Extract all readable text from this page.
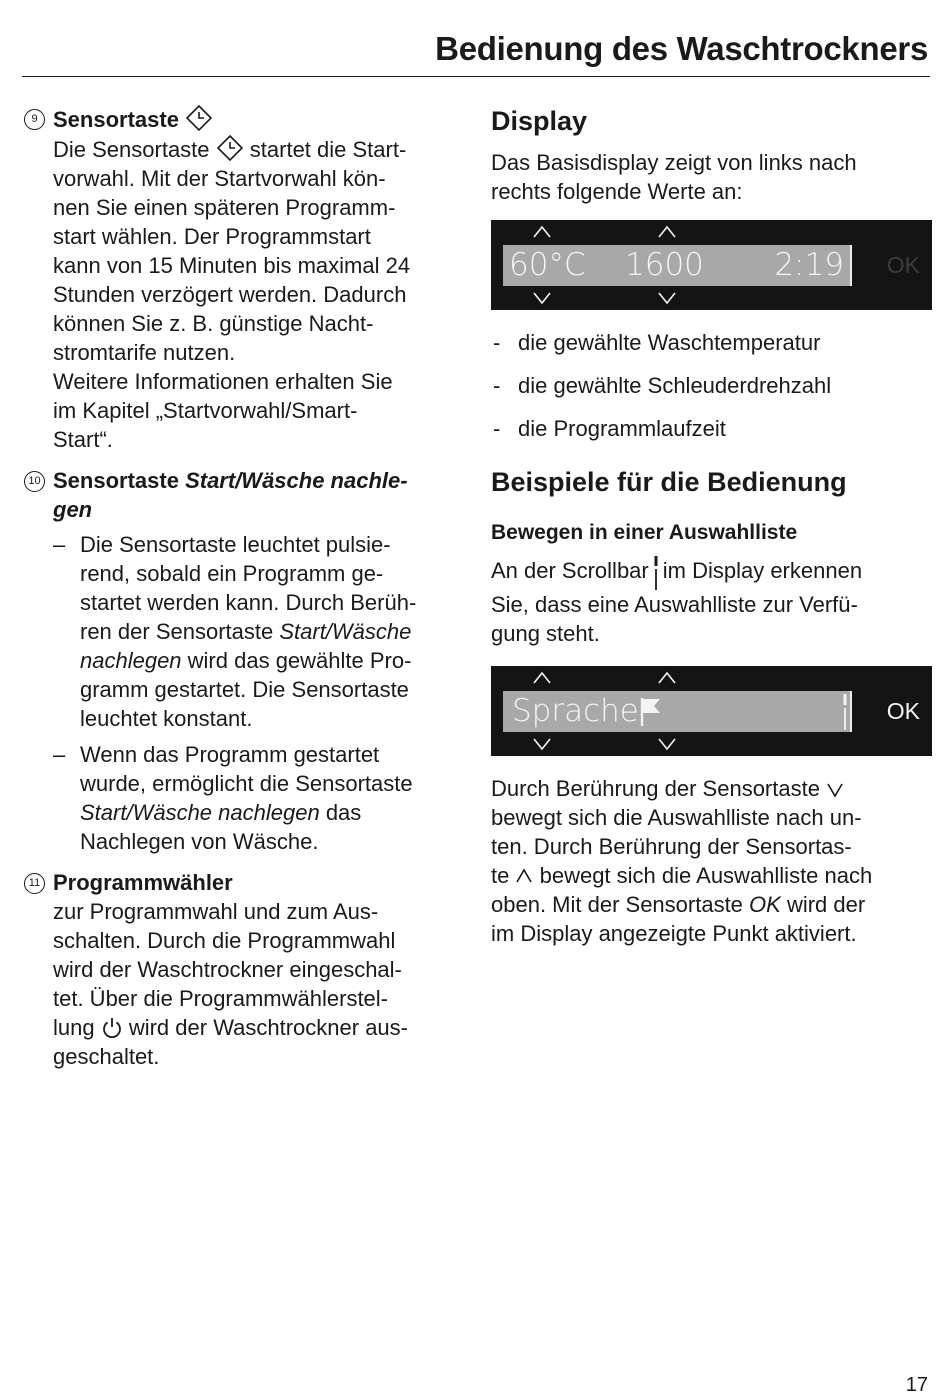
Bedienung des Waschtrockners
9 Sensortaste

Die Sensortaste startet die Start-
vorwahl. Mit der Startvorwahl kön-
nen Sie einen späteren Programm-
start wählen. Der Programmstart
kann von 15 Minuten bis maximal 24
Stunden verzögert werden. Dadurch
können Sie z. B. günstige Nacht-
stromtarife nutzen.
Weitere Informationen erhalten Sie
im Kapitel „Startvorwahl/Smart-
Start“.

10 Sensortaste Start/Wäsche nachle-
gen

– Die Sensortaste leuchtet pulsie-
rend, sobald ein Programm ge-
startet werden kann. Durch Berüh-
ren der Sensortaste Start/Wäsche
nachlegen wird das gewählte Pro-
gramm gestartet. Die Sensortaste
leuchtet konstant.
– Wenn das Programm gestartet
wurde, ermöglicht die Sensortaste
Start/Wäsche nachlegen das
Nachlegen von Wäsche.
11 Programmwähler

zur Programmwahl und zum Aus-
schalten. Durch die Programmwahl
wird der Waschtrockner eingeschal-
tet. Über die Programmwählerstel-
lung  wird der Waschtrockner aus-
geschaltet.

Display

Das Basisdisplay zeigt von links nach
rechts folgende Werte an:

60°C 1600 2:19 OK
- die gewählte Waschtemperatur
- die gewählte Schleuderdrehzahl
- die Programmlaufzeit
Beispiele für die Bedienung
Bewegen in einer Auswahlliste

An der Scrollbar im Display erkennen
Sie, dass eine Auswahlliste zur Verfü-
gung steht.

Sprache	OK

Durch Berührung der Sensortaste
bewegt sich die Auswahlliste nach un-
ten. Durch Berührung der Sensortas-
te  bewegt sich die Auswahlliste nach
oben. Mit der Sensortaste OK wird der
im Display angezeigte Punkt aktiviert.

17
